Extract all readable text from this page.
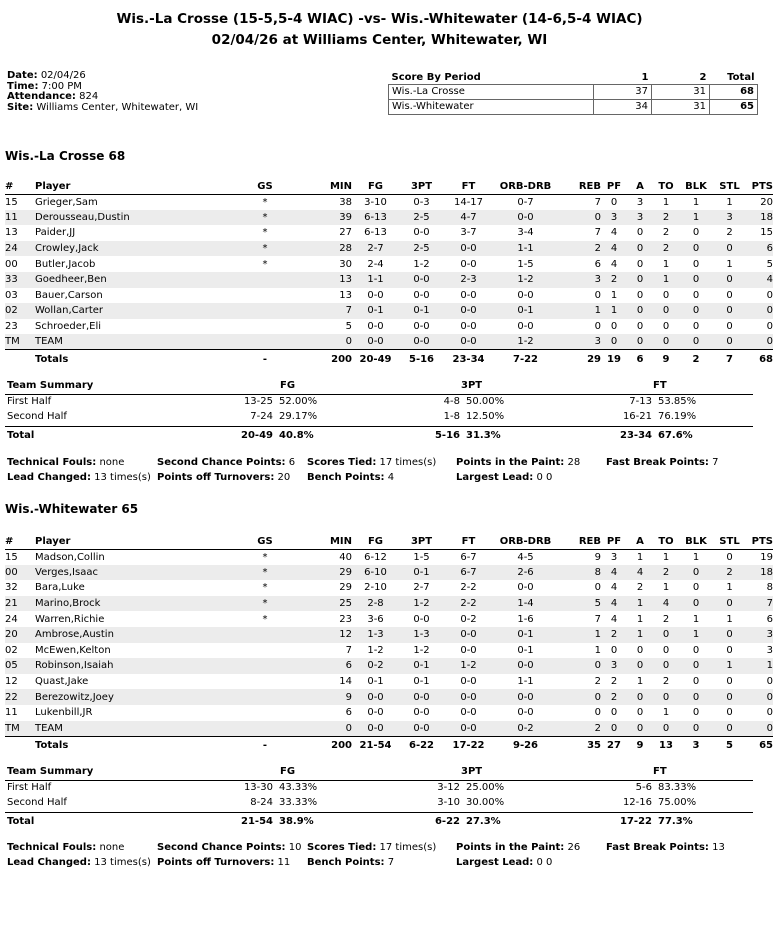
Wis.-La Crosse (15-5,5-4 WIAC) -vs- Wis.-Whitewater (14-6,5-4 WIAC)
02/04/26 at Williams Center, Whitewater, WI
Date: 02/04/26
Time: 7:00 PM
Attendance: 824
Site: Williams Center, Whitewater, WI
Score By Period	1	2	Total
Wis.-La Crosse	37	31	68
Wis.-Whitewater	34	31	65
Wis.-La Crosse 68
#	Player	GS	MIN	FG	3PT	FT	ORB-DRB	REB	PF	A	TO	BLK	STL	PTS
15	Grieger,Sam	*	38	3-10	0-3	14-17	0-7	7	0	3	1	1	1	20
11	Derousseau,Dustin	*	39	6-13	2-5	4-7	0-0	0	3	3	2	1	3	18
13	Paider,JJ	*	27	6-13	0-0	3-7	3-4	7	4	0	2	0	2	15
24	Crowley,Jack	*	28	2-7	2-5	0-0	1-1	2	4	0	2	0	0	6
00	Butler,Jacob	*	30	2-4	1-2	0-0	1-5	6	4	0	1	0	1	5
33	Goedheer,Ben		13	1-1	0-0	2-3	1-2	3	2	0	1	0	0	4
03	Bauer,Carson		13	0-0	0-0	0-0	0-0	0	1	0	0	0	0	0
02	Wollan,Carter		7	0-1	0-1	0-0	0-1	1	1	0	0	0	0	0
23	Schroeder,Eli		5	0-0	0-0	0-0	0-0	0	0	0	0	0	0	0
TM	TEAM		0	0-0	0-0	0-0	1-2	3	0	0	0	0	0	0
	Totals	-	200	20-49	5-16	23-34	7-22	29	19	6	9	2	7	68
Team Summary	FG	3PT	FT
First Half	13-25 52.00%	4-8 50.00%	7-13 53.85%
Second Half	7-24 29.17%	1-8 12.50%	16-21 76.19%
Total	20-49 40.8%	5-16 31.3%	23-34 67.6%
Technical Fouls: none	Second Chance Points: 6 Scores Tied: 17 times(s) Points in the Paint: 28	Fast Break Points: 7
Lead Changed: 13 times(s) Points off Turnovers: 20 Bench Points: 4	Largest Lead: 0 0
Wis.-Whitewater 65
#	Player	GS	MIN	FG	3PT	FT	ORB-DRB	REB	PF	A	TO	BLK	STL	PTS
15	Madson,Collin	*	40	6-12	1-5	6-7	4-5	9	3	1	1	1	0	19
00	Verges,Isaac	*	29	6-10	0-1	6-7	2-6	8	4	4	2	0	2	18
32	Bara,Luke	*	29	2-10	2-7	2-2	0-0	0	4	2	1	0	1	8
21	Marino,Brock	*	25	2-8	1-2	2-2	1-4	5	4	1	4	0	0	7
24	Warren,Richie	*	23	3-6	0-0	0-2	1-6	7	4	1	2	1	1	6
20	Ambrose,Austin		12	1-3	1-3	0-0	0-1	1	2	1	0	1	0	3
02	McEwen,Kelton		7	1-2	1-2	0-0	0-1	1	0	0	0	0	0	3
05	Robinson,Isaiah		6	0-2	0-1	1-2	0-0	0	3	0	0	0	1	1
12	Quast,Jake		14	0-1	0-1	0-0	1-1	2	2	1	2	0	0	0
22	Berezowitz,Joey		9	0-0	0-0	0-0	0-0	0	2	0	0	0	0	0
11	Lukenbill,JR		6	0-0	0-0	0-0	0-0	0	0	0	1	0	0	0
TM	TEAM		0	0-0	0-0	0-0	0-2	2	0	0	0	0	0	0
	Totals	-	200	21-54	6-22	17-22	9-26	35	27	9	13	3	5	65
Team Summary	FG	3PT	FT
First Half	13-30 43.33%	3-12 25.00%	5-6 83.33%
Second Half	8-24 33.33%	3-10 30.00%	12-16 75.00%
Total	21-54 38.9%	6-22 27.3%	17-22 77.3%
Technical Fouls: none	Second Chance Points: 10 Scores Tied: 17 times(s) Points in the Paint: 26	Fast Break Points: 13
Lead Changed: 13 times(s) Points off Turnovers: 11 Bench Points: 7	Largest Lead: 0 0
